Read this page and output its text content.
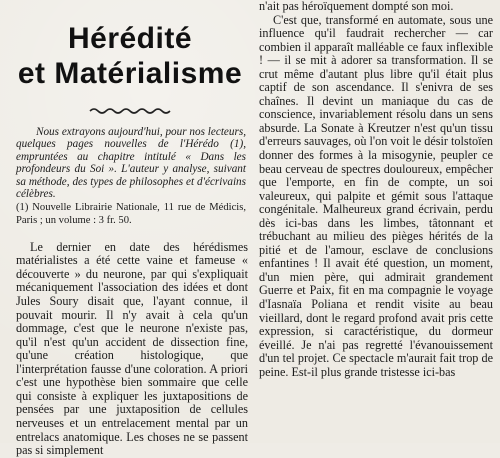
Hérédité
et Matérialisme

Nous extrayons aujourd'hui, pour nos lecteurs, quelques pages nouvelles de l'Hérédo (1), empruntées au chapitre intitulé « Dans les profondeurs du Soi ». L'auteur y analyse, suivant sa méthode, des types de philosophes et d'écrivains célèbres.

(1) Nouvelle Librairie Nationale, 11 rue de Médicis, Paris ; un volume : 3 fr. 50.

Le dernier en date des hérédismes matérialistes a été cette vaine et fameuse « découverte » du neurone, par qui s'expliquait mécaniquement l'association des idées et dont Jules Soury disait que, l'ayant connue, il pouvait mourir. Il n'y avait à cela qu'un dommage, c'est que le neurone n'existe pas, qu'il n'est qu'un accident de dissection fine, qu'une création histologique, que l'interprétation fausse d'une coloration. A priori c'est une hypothèse bien sommaire que celle qui consiste à expliquer les juxtapositions de pensées par une juxtaposition de cellules nerveuses et un entrelacement mental par un entrelacs anatomique. Les choses ne se passent pas si simplement

n'ait pas héroïquement dompté son moi.

C'est que, transformé en automate, sous une influence qu'il faudrait rechercher — car combien il apparaît malléable ce faux inflexible ! — il se mit à adorer sa transformation. Il se crut même d'autant plus libre qu'il était plus captif de son ascendance. Il s'enivra de ses chaînes. Il devint un maniaque du cas de conscience, invariablement résolu dans un sens absurde. La Sonate à Kreutzer n'est qu'un tissu d'erreurs sauvages, où l'on voit le désir tolstoïen donner des formes à la misogynie, peupler ce beau cerveau de spectres douloureux, empêcher que l'emporte, en fin de compte, un soi valeureux, qui palpite et gémit sous l'attaque congénitale. Malheureux grand écrivain, perdu dès ici-bas dans les limbes, tâtonnant et trébuchant au milieu des pièges hérités de la pitié et de l'amour, esclave de conclusions enfantines ! Il avait été question, un moment, d'un mien père, qui admirait grandement Guerre et Paix, fit en ma compagnie le voyage d'Iasnaïa Poliana et rendit visite au beau vieillard, dont le regard profond avait pris cette expression, si caractéristique, du dormeur éveillé. Je n'ai pas regretté l'évanouissement d'un tel projet. Ce spectacle m'aurait fait trop de peine. Est-il plus grande tristesse ici-bas
